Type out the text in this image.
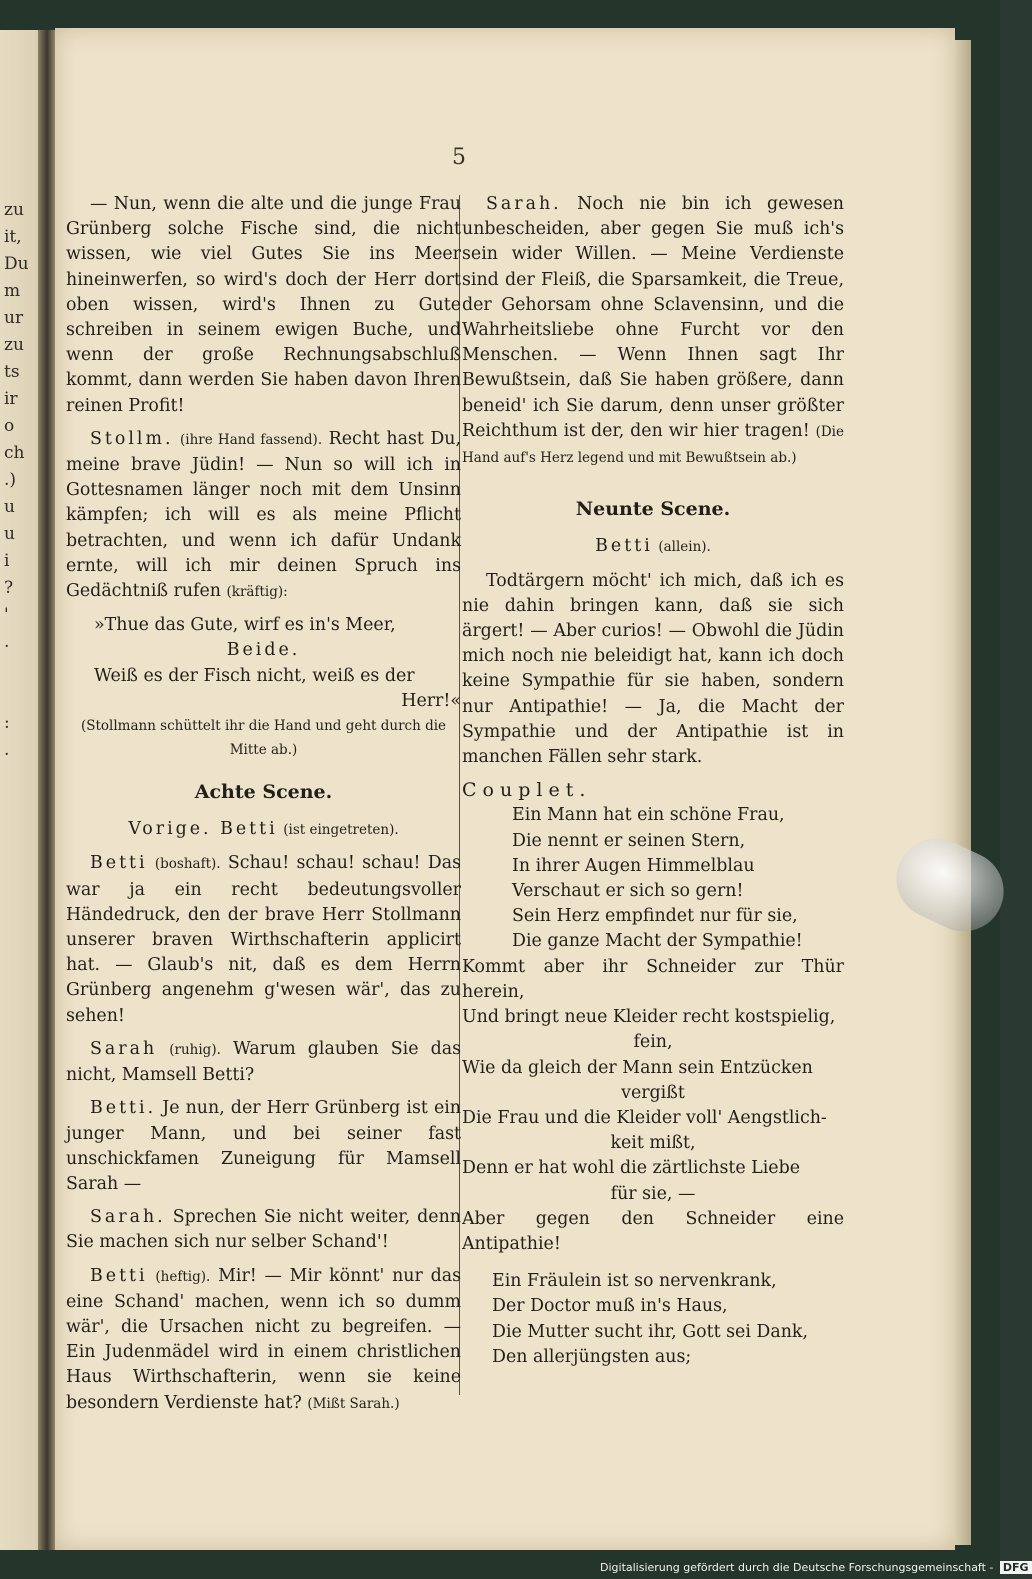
zu
it,
Du
m
ur
zu
ts
ir
o
ch
.)
u
u
i
?
'
.
:
.
5

— Nun, wenn die alte und die junge Frau Grünberg solche Fische sind, die nicht wissen, wie viel Gutes Sie ins Meer hineinwerfen, so wird's doch der Herr dort oben wissen, wird's Ihnen zu Gute schreiben in seinem ewigen Buche, und wenn der große Rechnungsabschluß kommt, dann werden Sie haben davon Ihren reinen Profit!

Stollm. (ihre Hand fassend). Recht hast Du, meine brave Jüdin! — Nun so will ich in Gottesnamen länger noch mit dem Unsinn kämpfen; ich will es als meine Pflicht betrachten, und wenn ich dafür Undank ernte, will ich mir deinen Spruch ins Gedächtniß rufen (kräftig):

»Thue das Gute, wirf es in's Meer,

Beide.

Weiß es der Fisch nicht, weiß es der

Herr!«

(Stollmann schüttelt ihr die Hand und geht durch die Mitte ab.)

Achte Scene.

Vorige. Betti (ist eingetreten).

Betti (boshaft). Schau! schau! schau! Das war ja ein recht bedeutungsvoller Händedruck, den der brave Herr Stollmann unserer braven Wirthschafterin applicirt hat. — Glaub's nit, daß es dem Herrn Grünberg angenehm g'wesen wär', das zu sehen!

Sarah (ruhig). Warum glauben Sie das nicht, Mamsell Betti?

Betti. Je nun, der Herr Grünberg ist ein junger Mann, und bei seiner fast unschickfamen Zuneigung für Mamsell Sarah —

Sarah. Sprechen Sie nicht weiter, denn Sie machen sich nur selber Schand'!

Betti (heftig). Mir! — Mir könnt' nur das eine Schand' machen, wenn ich so dumm wär', die Ursachen nicht zu begreifen. — Ein Judenmädel wird in einem christlichen Haus Wirthschafterin, wenn sie keine besondern Verdienste hat? (Mißt Sarah.)

Sarah. Noch nie bin ich gewesen unbescheiden, aber gegen Sie muß ich's sein wider Willen. — Meine Verdienste sind der Fleiß, die Sparsamkeit, die Treue, der Gehorsam ohne Sclavensinn, und die Wahrheitsliebe ohne Furcht vor den Menschen. — Wenn Ihnen sagt Ihr Bewußtsein, daß Sie haben größere, dann beneid' ich Sie darum, denn unser größter Reichthum ist der, den wir hier tragen! (Die Hand auf's Herz legend und mit Bewußtsein ab.)

Neunte Scene.

Betti (allein).

Todtärgern möcht' ich mich, daß ich es nie dahin bringen kann, daß sie sich ärgert! — Aber curios! — Obwohl die Jüdin mich noch nie beleidigt hat, kann ich doch keine Sympathie für sie haben, sondern nur Antipathie! — Ja, die Macht der Sympathie und der Antipathie ist in manchen Fällen sehr stark.

Couplet.

Ein Mann hat ein schöne Frau,

Die nennt er seinen Stern,

In ihrer Augen Himmelblau

Verschaut er sich so gern!

Sein Herz empfindet nur für sie,

Die ganze Macht der Sympathie!

Kommt aber ihr Schneider zur Thür herein,

Und bringt neue Kleider recht kostspielig,

fein,

Wie da gleich der Mann sein Entzücken

vergißt

Die Frau und die Kleider voll' Aengstlich-

keit mißt,

Denn er hat wohl die zärtlichste Liebe

für sie, —

Aber gegen den Schneider eine Antipathie!

Ein Fräulein ist so nervenkrank,

Der Doctor muß in's Haus,

Die Mutter sucht ihr, Gott sei Dank,

Den allerjüngsten aus;

Digitalisierung gefördert durch die Deutsche Forschungsgemeinschaft - DFG
